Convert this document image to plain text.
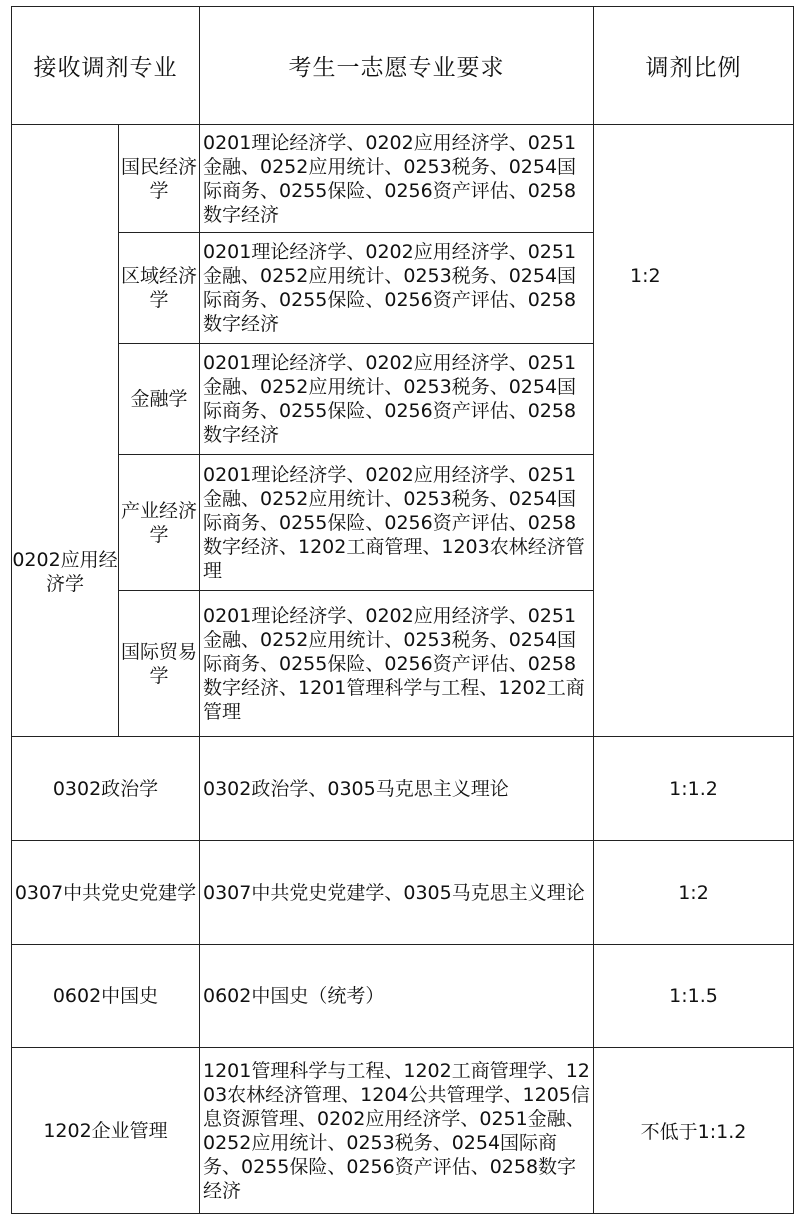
接收调剂专业		考生一志愿专业要求	调剂比例
0202应用经济学	国民经济学	0201理论经济学、0202应用经济学、0251金融、0252应用统计、0253税务、0254国际商务、0255保险、0256资产评估、0258数字经济	1:2
	区域经济学	0201理论经济学、0202应用经济学、0251金融、0252应用统计、0253税务、0254国际商务、0255保险、0256资产评估、0258数字经济	
	金融学	0201理论经济学、0202应用经济学、0251金融、0252应用统计、0253税务、0254国际商务、0255保险、0256资产评估、0258数字经济	
	产业经济学	0201理论经济学、0202应用经济学、0251金融、0252应用统计、0253税务、0254国际商务、0255保险、0256资产评估、0258数字经济、1202工商管理、1203农林经济管理	
	国际贸易学	0201理论经济学、0202应用经济学、0251金融、0252应用统计、0253税务、0254国际商务、0255保险、0256资产评估、0258数字经济、1201管理科学与工程、1202工商管理	
0302政治学		0302政治学、0305马克思主义理论	1:1.2
0307中共党史党建学		0307中共党史党建学、0305马克思主义理论	1:2
0602中国史		0602中国史（统考）	1:1.5
1202企业管理		1201管理科学与工程、1202工商管理学、1203农林经济管理、1204公共管理学、1205信息资源管理、0202应用经济学、0251金融、0252应用统计、0253税务、0254国际商务、0255保险、0256资产评估、0258数字经济	不低于1:1.2
